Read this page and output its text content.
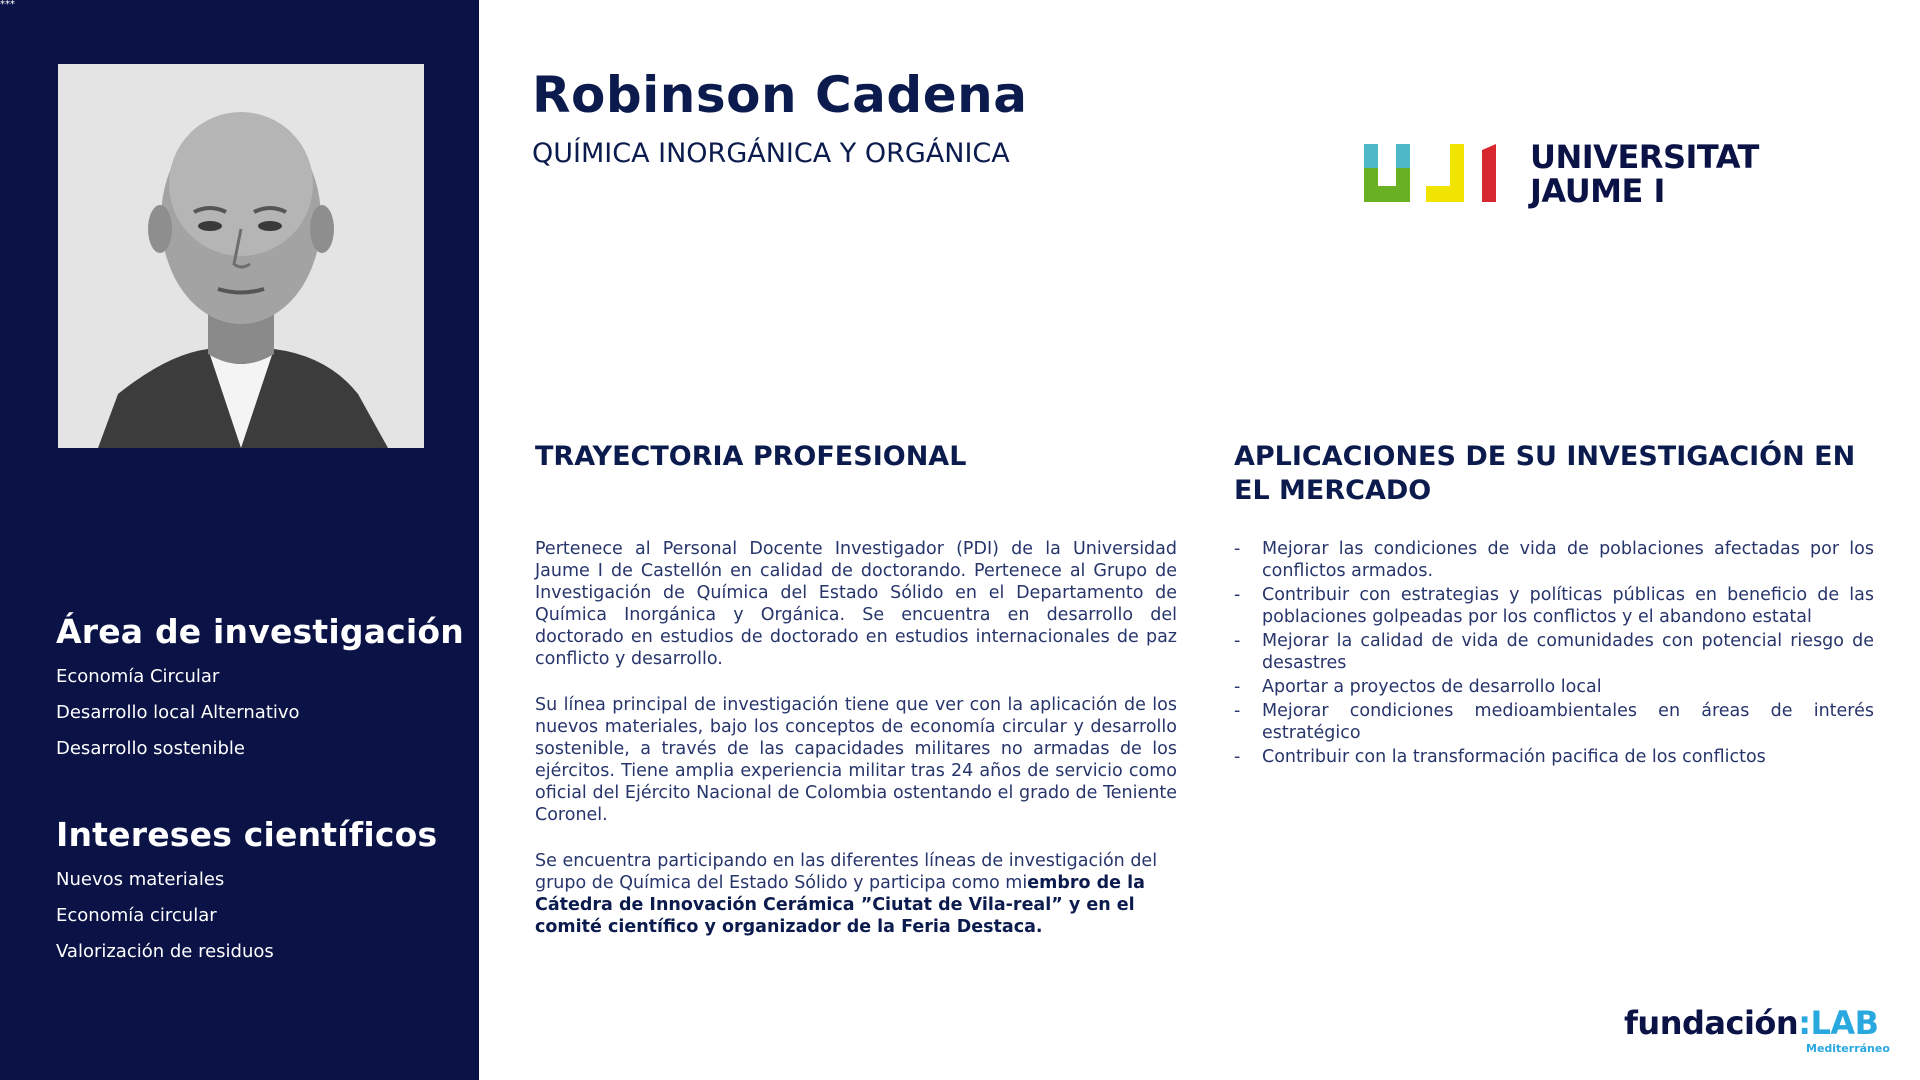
***
Área de investigación
Economía Circular
Desarrollo local Alternativo
Desarrollo sostenible
Intereses científicos
Nuevos materiales
Economía circular
Valorización de residuos
Robinson Cadena
QUÍMICA INORGÁNICA Y ORGÁNICA	UNIVERSITAT
JAUME I
TRAYECTORIA PROFESIONAL

Pertenece al Personal Docente Investigador (PDI) de la Universidad Jaume I de Castellón en calidad de doctorando. Pertenece al Grupo de Investigación de Química del Estado Sólido en el Departamento de Química Inorgánica y Orgánica. Se encuentra en desarrollo del doctorado en estudios de doctorado en estudios internacionales de paz conflicto y desarrollo.

Su línea principal de investigación tiene que ver con la aplicación de los nuevos materiales, bajo los conceptos de economía circular y desarrollo sostenible, a través de las capacidades militares no armadas de los ejércitos. Tiene amplia experiencia militar tras 24 años de servicio como oficial del Ejército Nacional de Colombia ostentando el grado de Teniente Coronel.

Se encuentra participando en las diferentes líneas de investigación del grupo de Química del Estado Sólido y participa como miembro de la Cátedra de Innovación Cerámica ”Ciutat de Vila-real” y en el comité científico y organizador de la Feria Destaca.

APLICACIONES DE SU INVESTIGACIÓN EN EL MERCADO
- Mejorar las condiciones de vida de poblaciones afectadas por los conflictos armados.
- Contribuir con estrategias y políticas públicas en beneficio de las poblaciones golpeadas por los conflictos y el abandono estatal
- Mejorar la calidad de vida de comunidades con potencial riesgo de desastres
- Aportar a proyectos de desarrollo local
- Mejorar condiciones medioambientales en áreas de interés estratégico
- Contribuir con la transformación pacifica de los conflictos
fundación:LAB
Mediterráneo
